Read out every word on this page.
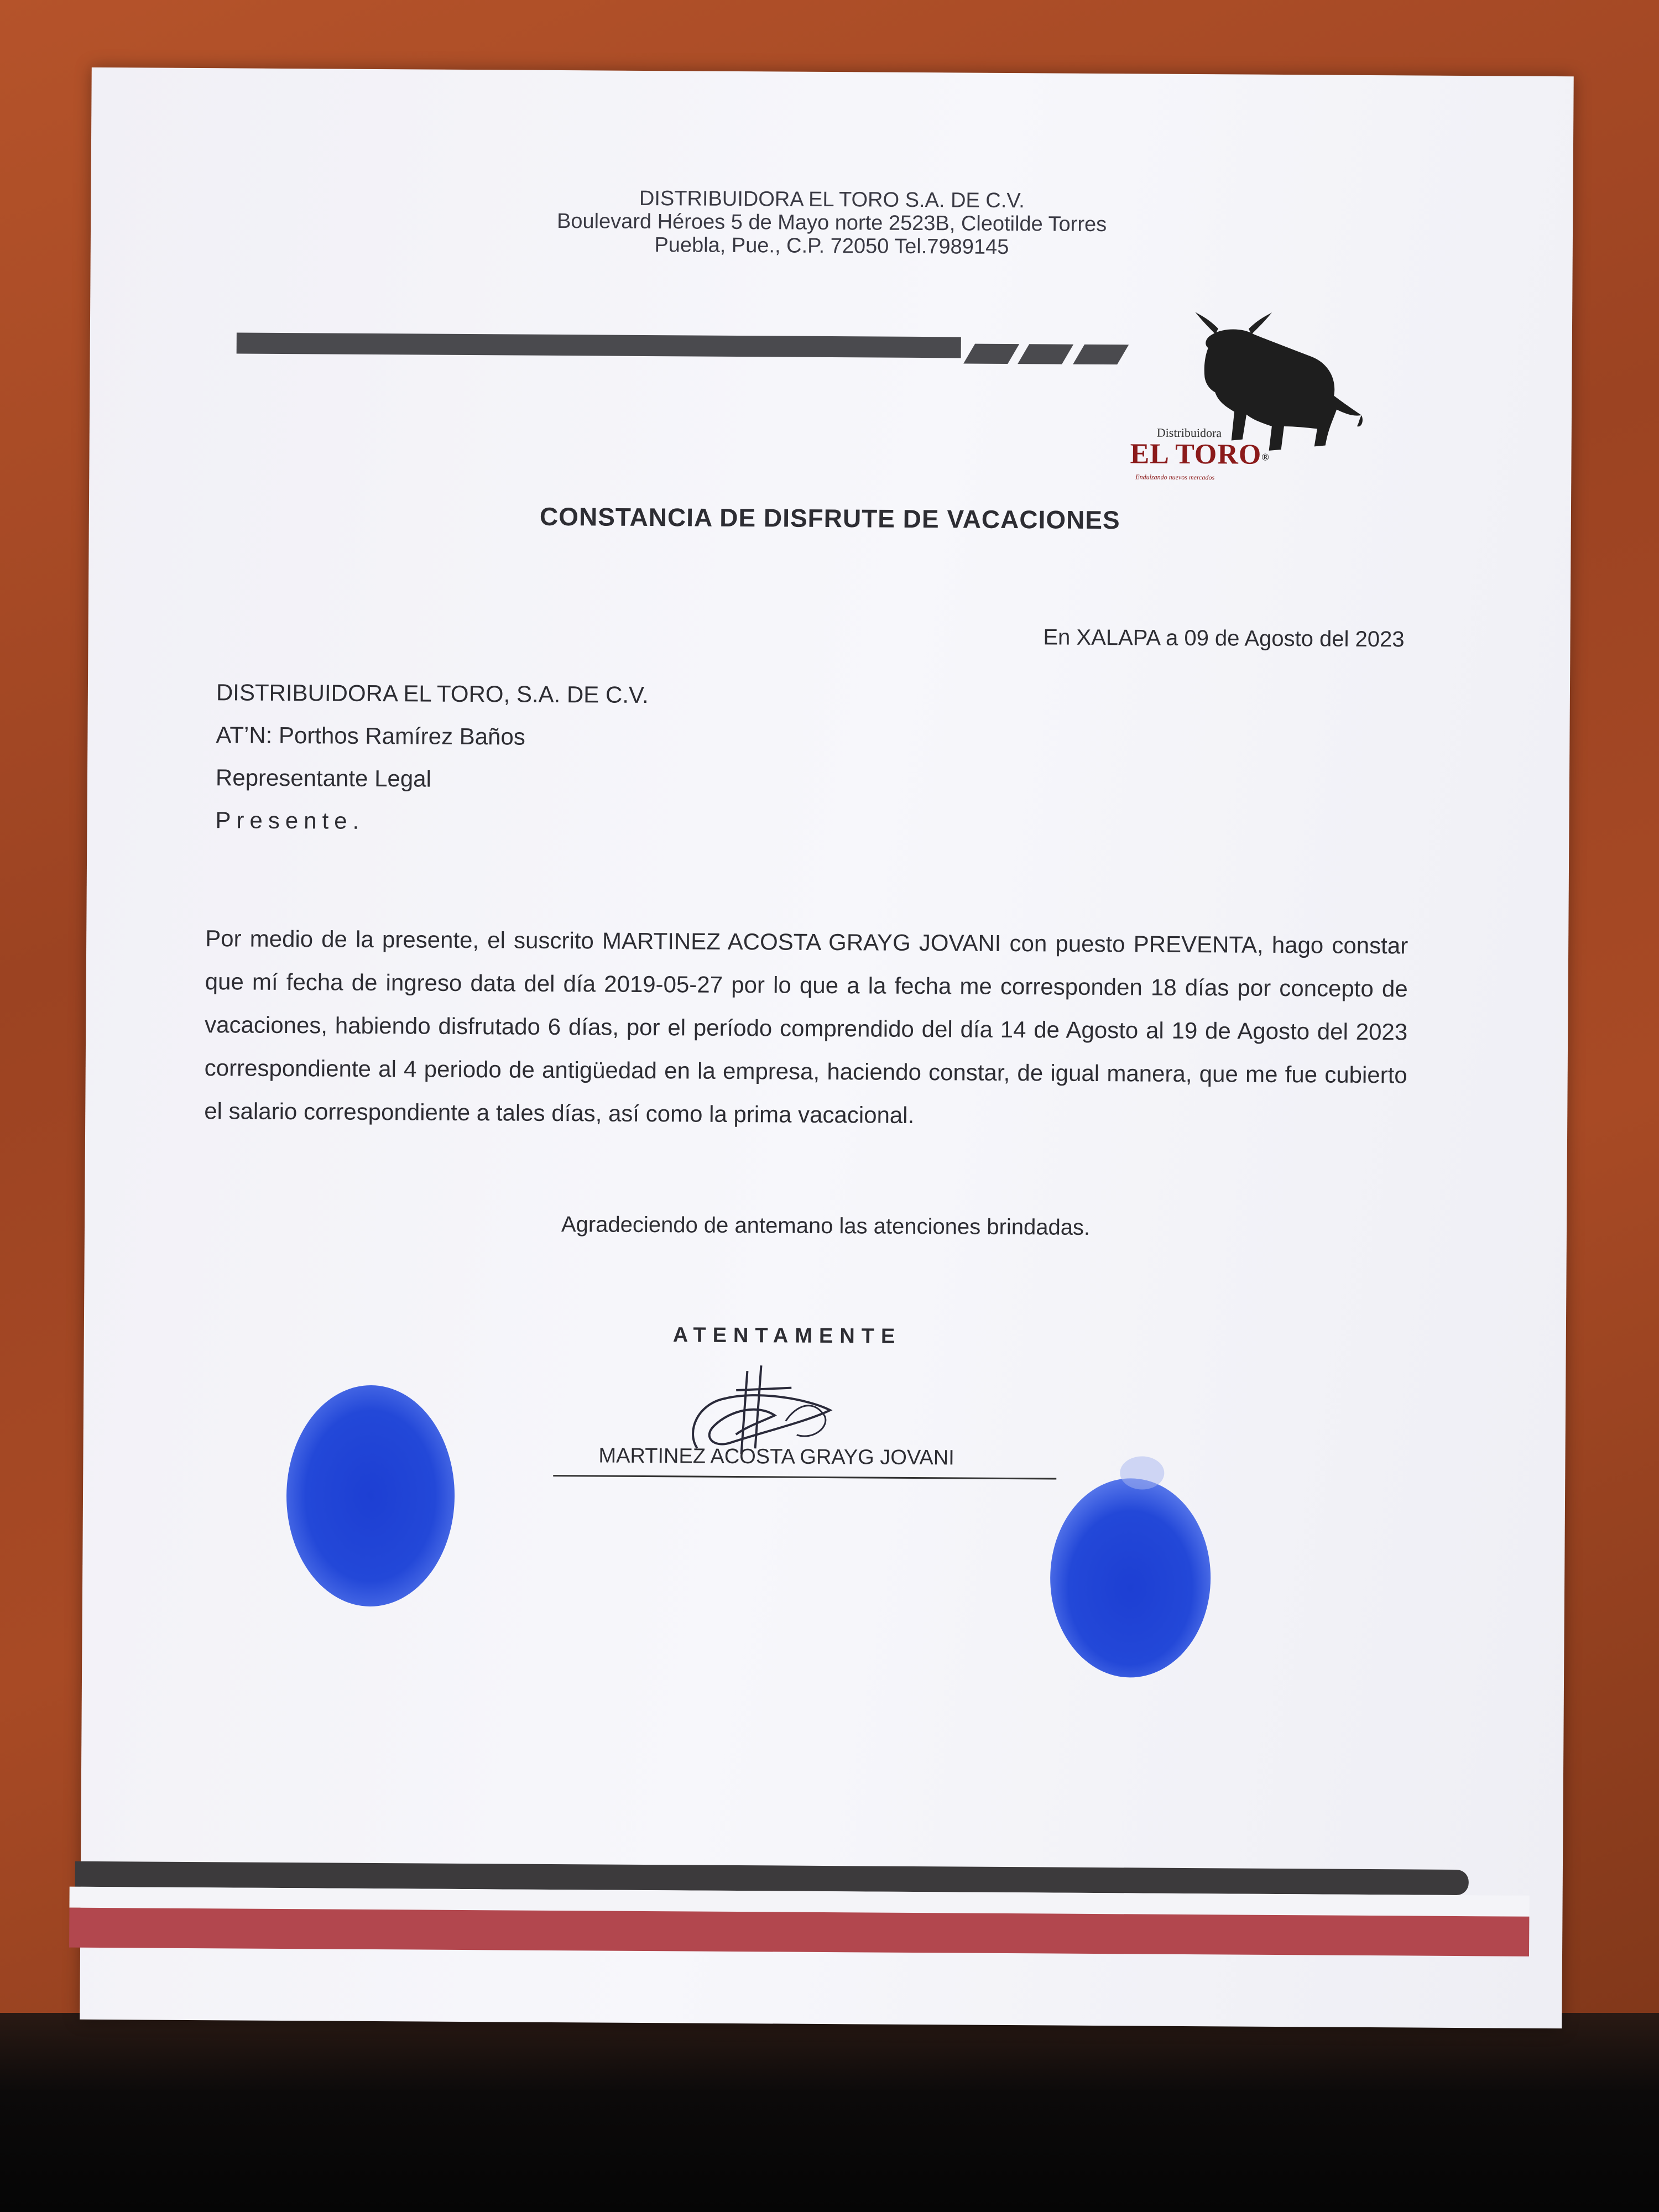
DISTRIBUIDORA EL TORO S.A. DE C.V.
Boulevard Héroes 5 de Mayo norte 2523B, Cleotilde Torres
Puebla, Pue., C.P. 72050 Tel.7989145
Distribuidora
EL TORO®
Endulzando nuevos mercados
CONSTANCIA DE DISFRUTE DE VACACIONES
En XALAPA a 09 de Agosto del 2023
DISTRIBUIDORA EL TORO, S.A. DE C.V.
AT’N: Porthos Ramírez Baños
Representante Legal
Presente.
Por medio de la presente, el suscrito MARTINEZ ACOSTA GRAYG JOVANI con puesto PREVENTA, hago constar que mí fecha de ingreso data del día 2019-05-27 por lo que a la fecha me corresponden 18 días por concepto de vacaciones, habiendo disfrutado 6 días, por el período comprendido del día 14 de Agosto al 19 de Agosto del 2023 correspondiente al 4 periodo de antigüedad en la empresa, haciendo constar, de igual manera, que me fue cubierto el salario correspondiente a tales días, así como la prima vacacional.
Agradeciendo de antemano las atenciones brindadas.
ATENTAMENTE
MARTINEZ ACOSTA GRAYG JOVANI
